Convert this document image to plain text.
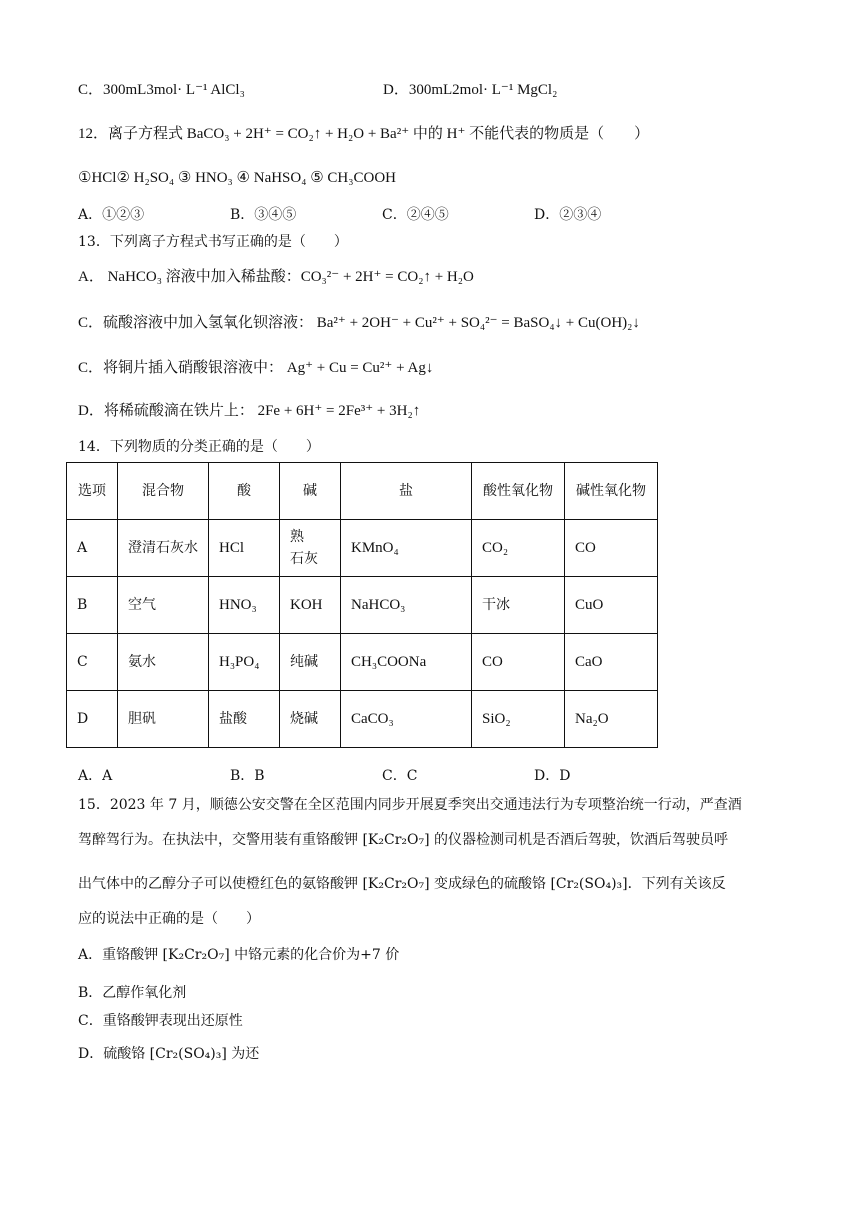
C．300mL3mol· L⁻¹ AlCl₃	D．300mL2mol· L⁻¹ MgCl₂
12．离子方程式 BaCO₃ + 2H⁺ = CO₂↑ + H₂O + Ba²⁺ 中的 H⁺ 不能代表的物质是（　　）
①HCl② H₂SO₄ ③ HNO₃ ④ NaHSO₄ ⑤ CH₃COOH
A．①②③	B．③④⑤	C．②④⑤	D．②③④
13．下列离子方程式书写正确的是（　　）
A． NaHCO₃ 溶液中加入稀盐酸：CO₃²⁻ + 2H⁺ = CO₂↑ + H₂O
C．硫酸溶液中加入氢氧化钡溶液： Ba²⁺ + 2OH⁻ + Cu²⁺ + SO₄²⁻ = BaSO₄↓ + Cu(OH)₂↓
C．将铜片插入硝酸银溶液中： Ag⁺ + Cu = Cu²⁺ + Ag↓
D．将稀硫酸滴在铁片上： 2Fe + 6H⁺ = 2Fe³⁺ + 3H₂↑
14．下列物质的分类正确的是（　　）
选项	混合物	酸	碱	盐	酸性氧化物	碱性氧化物
A	澄清石灰水	HCl	熟　石灰	KMnO₄	CO₂	CO
B	空气	HNO₃	KOH	NaHCO₃	干冰	CuO
C	氨水	H₃PO₄	纯碱	CH₃COONa	CO	CaO
D	胆矾	盐酸	烧碱	CaCO₃	SiO₂	Na₂O
A．A	B．B	C．C	D．D
15．2023 年 7 月，顺德公安交警在全区范围内同步开展夏季突出交通违法行为专项整治统一行动，严查酒
驾醉驾行为。在执法中，交警用装有重铬酸钾 [K₂Cr₂O₇] 的仪器检测司机是否酒后驾驶，饮酒后驾驶员呼
出气体中的乙醇分子可以使橙红色的氨铬酸钾 [K₂Cr₂O₇] 变成绿色的硫酸铬 [Cr₂(SO₄)₃]．下列有关该反
应的说法中正确的是（　　）
A．重铬酸钾 [K₂Cr₂O₇] 中铬元素的化合价为+7 价
B．乙醇作氧化剂
C．重铬酸钾表现出还原性
D．硫酸铬 [Cr₂(SO₄)₃] 为还
